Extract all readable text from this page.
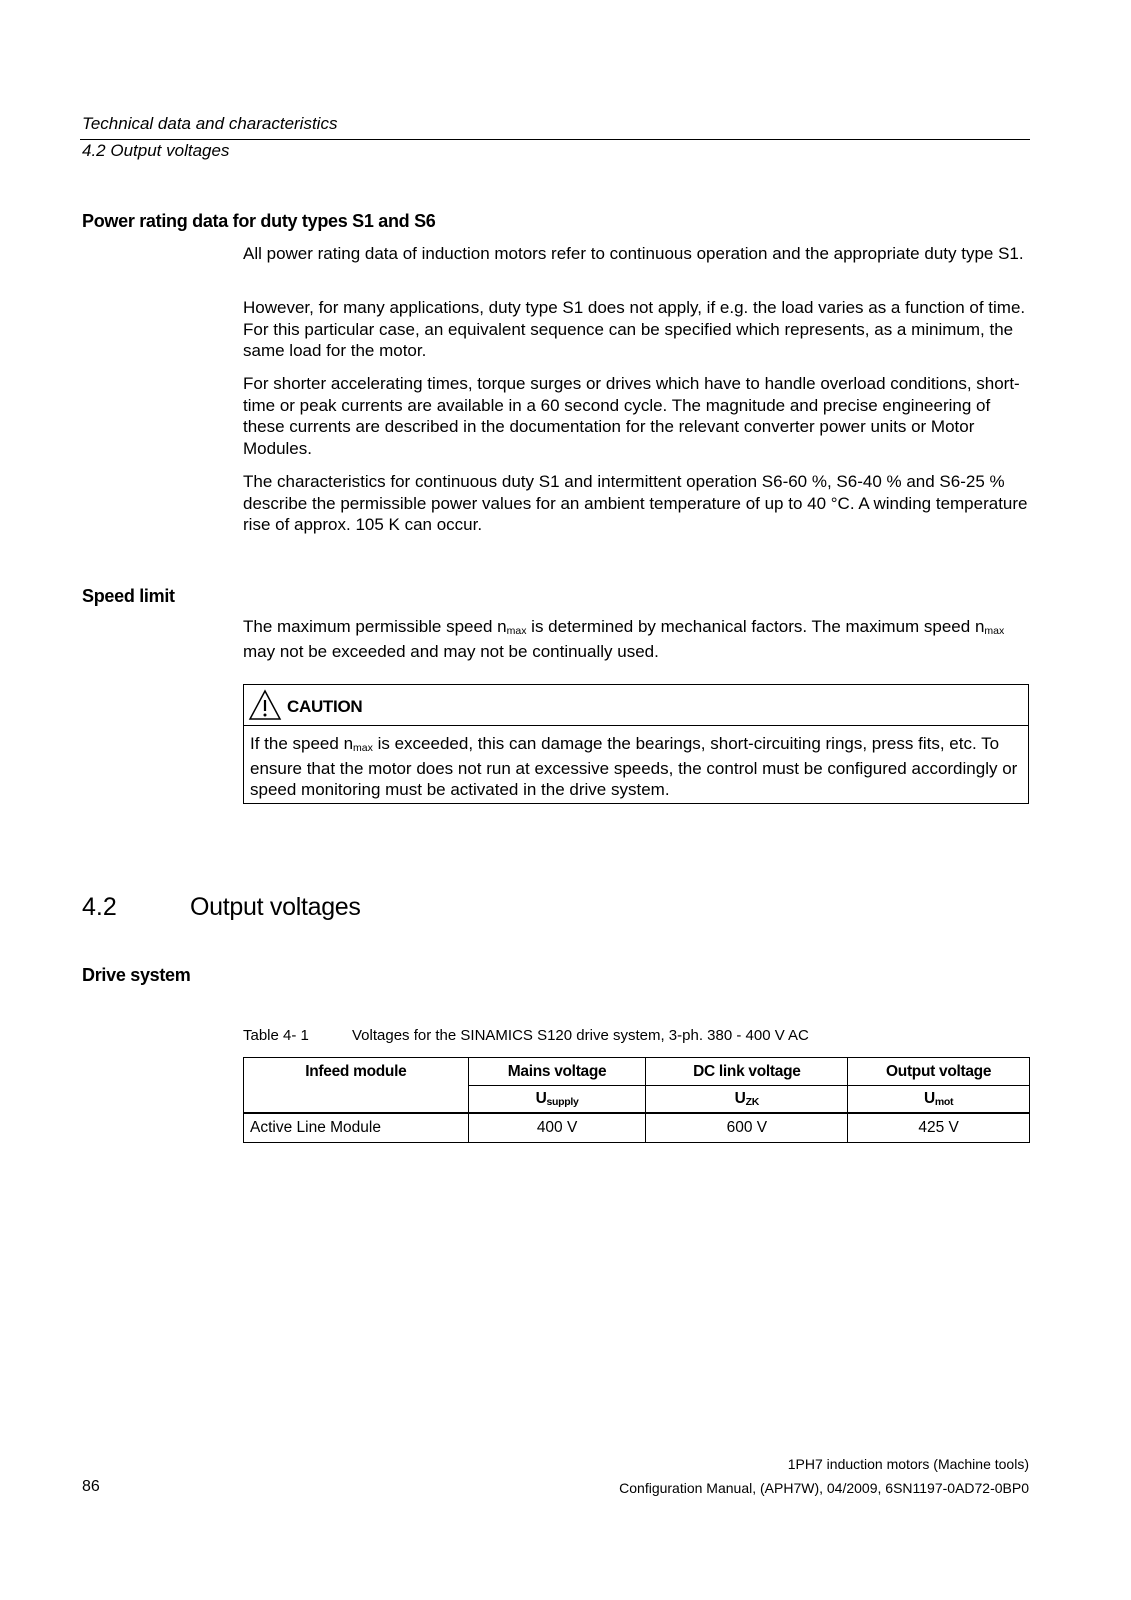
Technical data and characteristics
4.2 Output voltages
Power rating data for duty types S1 and S6

All power rating data of induction motors refer to continuous operation and the appropriate duty type S1.

However, for many applications, duty type S1 does not apply, if e.g. the load varies as a function of time. For this particular case, an equivalent sequence can be specified which represents, as a minimum, the same load for the motor.

For shorter accelerating times, torque surges or drives which have to handle overload conditions, short-time or peak currents are available in a 60 second cycle. The magnitude and precise engineering of these currents are described in the documentation for the relevant converter power units or Motor Modules.

The characteristics for continuous duty S1 and intermittent operation S6-60 %, S6-40 % and S6-25 % describe the permissible power values for an ambient temperature of up to 40 °C. A winding temperature rise of approx. 105 K can occur.

Speed limit

The maximum permissible speed $n_{max}$ is determined by mechanical factors. The maximum speed $n_{max}$ may not be exceeded and may not be continually used.

CAUTION

If the speed $n_{max}$ is exceeded, this can damage the bearings, short-circuiting rings, press fits, etc. To ensure that the motor does not run at excessive speeds, the control must be configured accordingly or speed monitoring must be activated in the drive system.

4.2	Output voltages
Drive system
Table 4- 1	Voltages for the SINAMICS S120 drive system, 3-ph. 380 - 400 V AC
Infeed module	Mains voltage	DC link voltage	Output voltage
	$U_{supply}$	$U_{ZK}$	$U_{mot}$
Active Line Module	400 V	600 V	425 V
1PH7 induction motors (Machine tools)
Configuration Manual, (APH7W), 04/2009, 6SN1197-0AD72-0BP0
86
